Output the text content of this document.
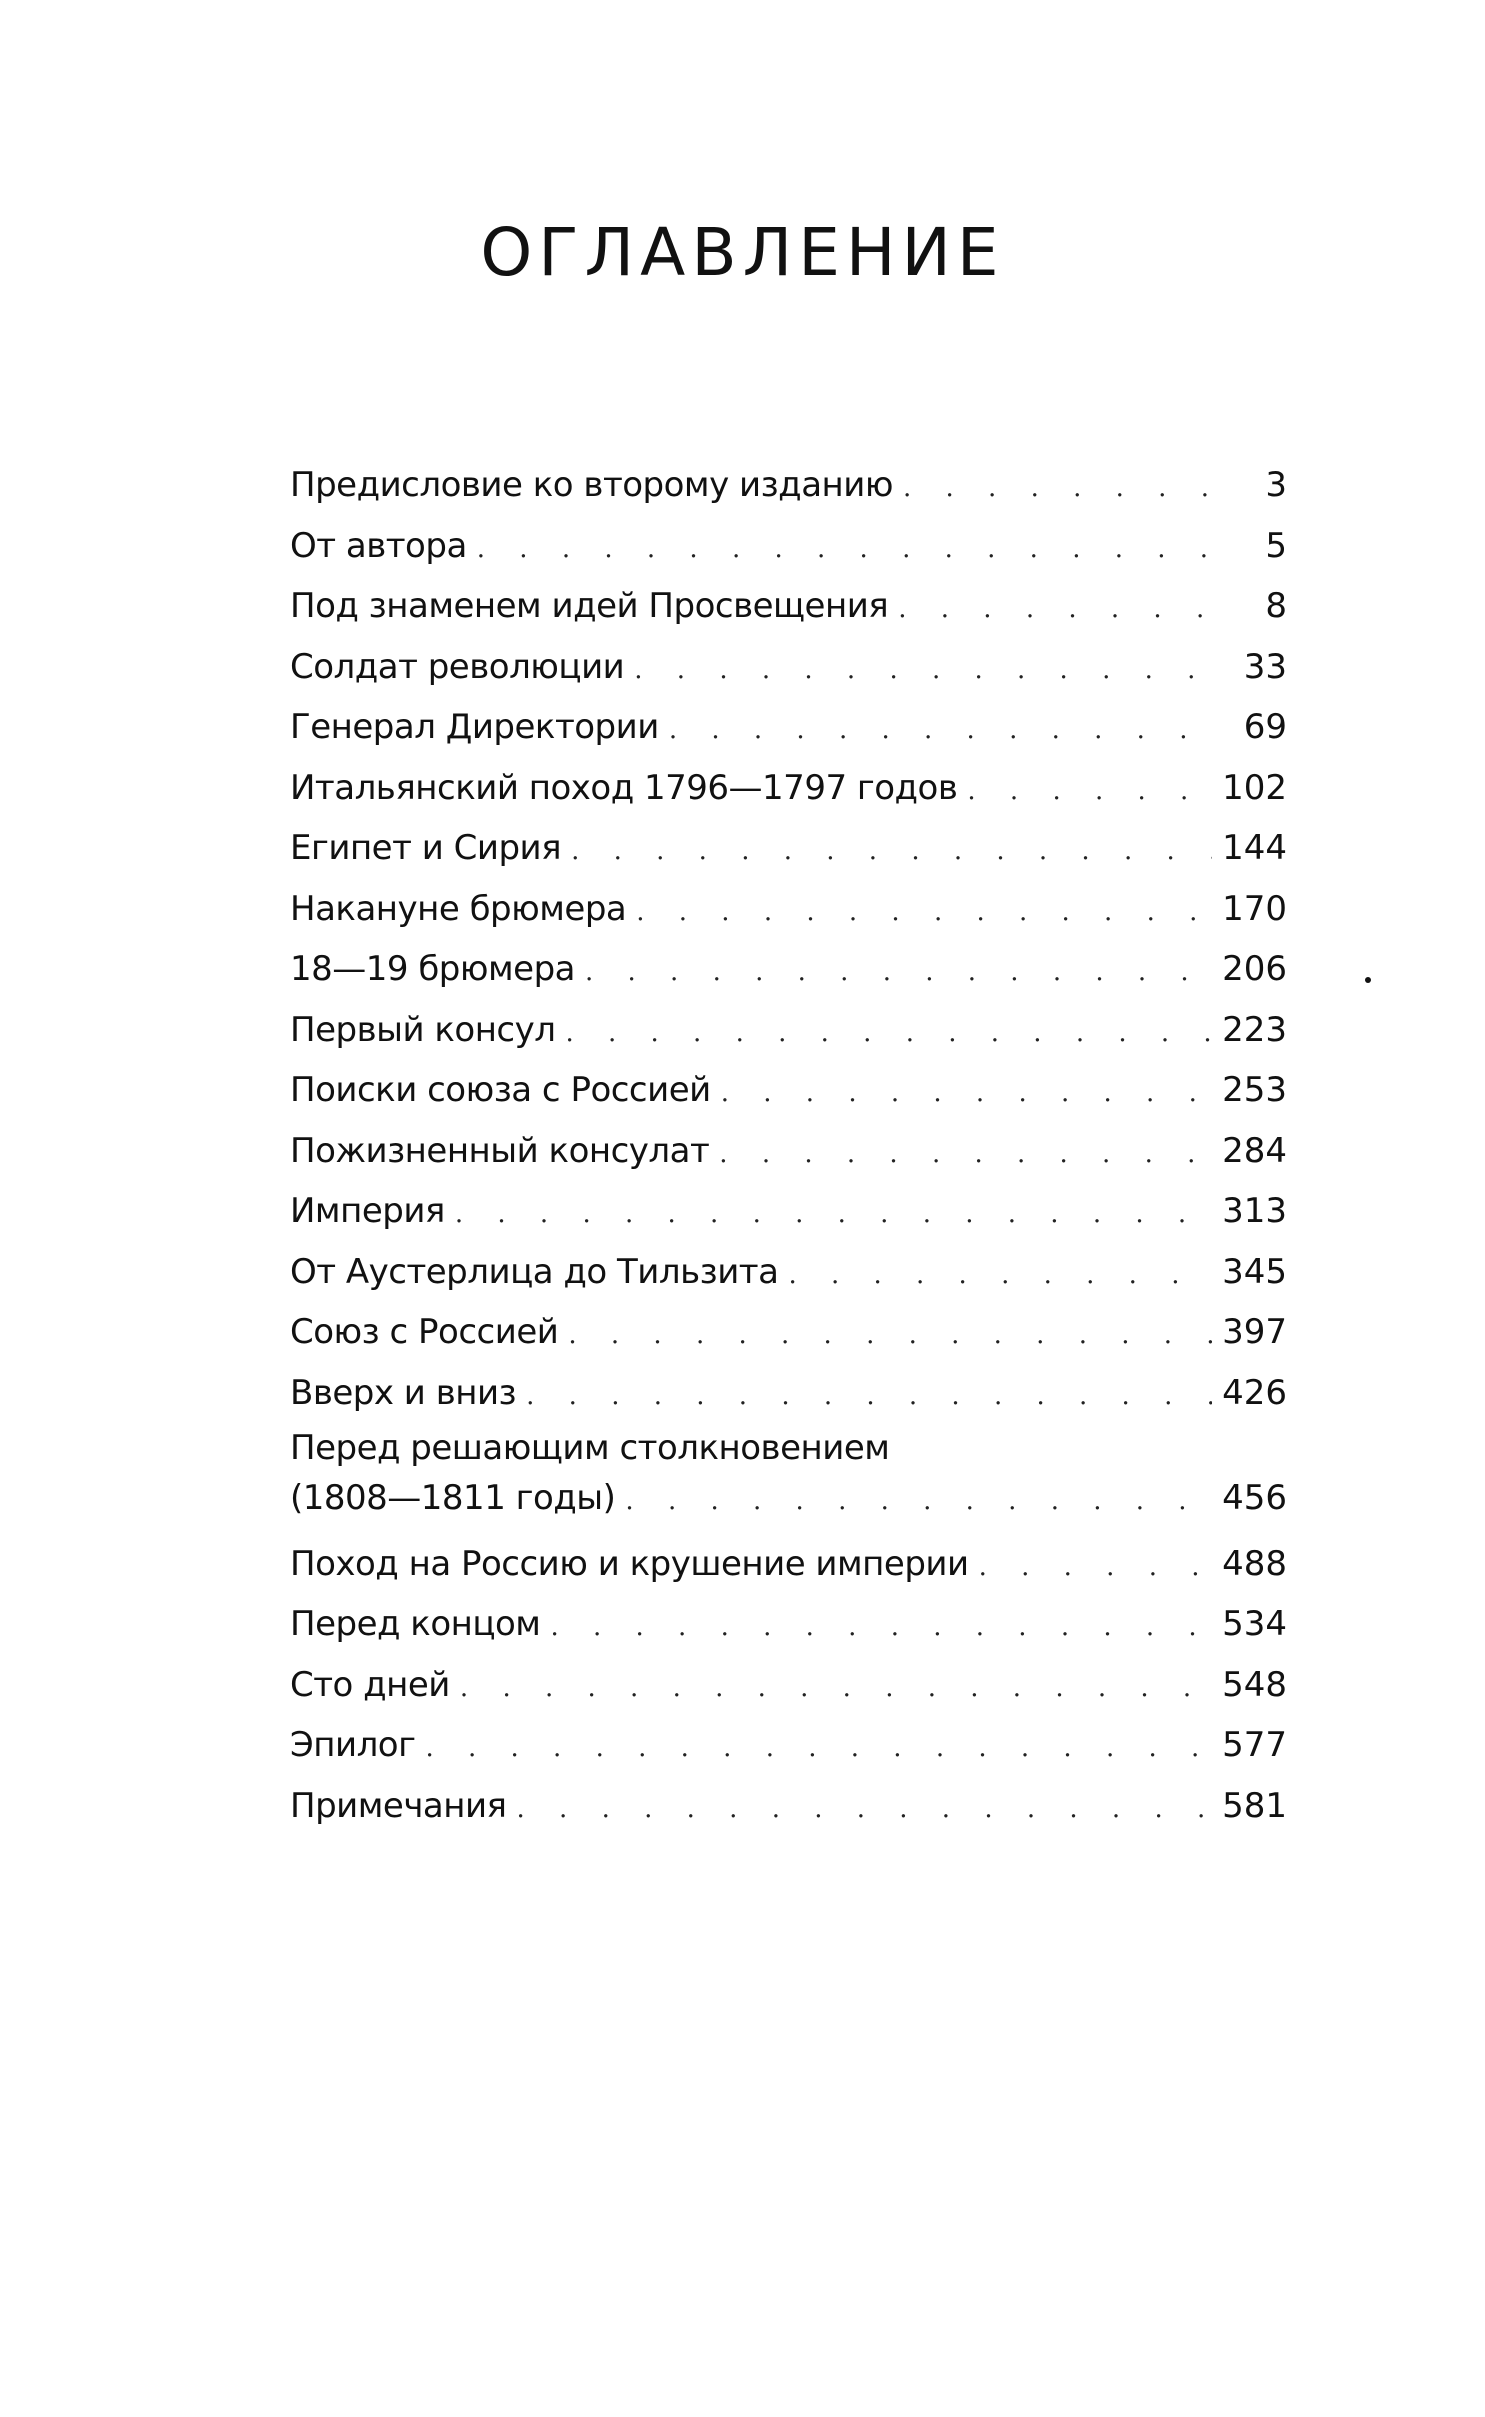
ОГЛАВЛЕНИЕ
Предисловие ко второму изданию . . .	3
От автора . . .	5
Под знаменем идей Просвещения . . .	8
Солдат революции . . .	33
Генерал Директории . . .	69
Итальянский поход 1796—1797 годов . . .	102
Египет и Сирия . . .	144
Накануне брюмера . . .	170
18—19 брюмера . . .	206
Первый консул . . .	223
Поиски союза с Россией . . .	253
Пожизненный консулат . . .	284
Империя . . .	313
От Аустерлица до Тильзита . . .	345
Союз с Россией . . .	397
Вверх и вниз . . .	426
Перед решающим столкновением
(1808—1811 годы) . . .	456
Поход на Россию и крушение империи . . .	488
Перед концом . . .	534
Сто дней . . .	548
Эпилог . . .	577
Примечания . . .	581
